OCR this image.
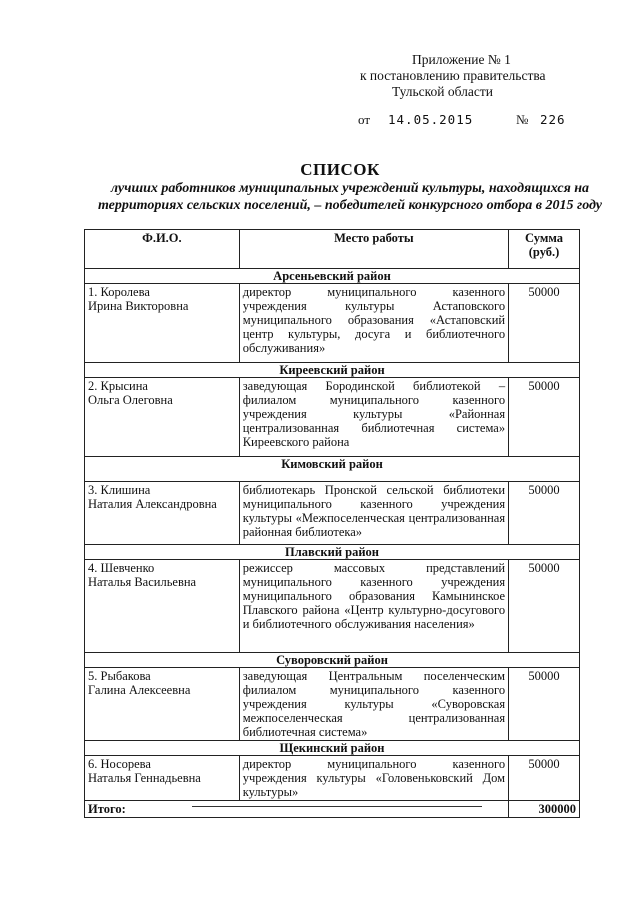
Приложение № 1
к постановлению правительства
Тульской области
от 14.05.2015	№ 226
СПИСОК
лучших работников муниципальных учреждений культуры, находящихся на территориях сельских поселений, – победителей конкурсного отбора в 2015 году
Ф.И.О.	Место работы	Сумма (руб.)
Арсеньевский район		
1. Королева
Ирина Викторовна	директор муниципального казенного учреждения культуры Астаповского муниципального образования «Астаповский центр культуры, досуга и библиотечного обслуживания»	50000
Киреевский район		
2. Крысина
Ольга Олеговна	заведующая Бородинской библиотекой – филиалом муниципального казенного учреждения культуры «Районная централизованная библиотечная система» Киреевского района	50000
Кимовский район		
3. Клишина
Наталия Александровна	библиотекарь Пронской сельской библиотеки муниципального казенного учреждения культуры «Межпоселенческая централизованная районная библиотека»	50000
Плавский район		
4. Шевченко
Наталья Васильевна	режиссер массовых представлений муниципального казенного учреждения муниципального образования Камынинское Плавского района «Центр культурно-досугового и библиотечного обслуживания населения»	50000
Суворовский район		
5. Рыбакова
Галина Алексеевна	заведующая Центральным поселенческим филиалом муниципального казенного учреждения культуры «Суворовская межпоселенческая централизованная библиотечная система»	50000
Щекинский район		
6. Носорева
Наталья Геннадьевна	директор муниципального казенного учреждения культуры «Головеньковский Дом культуры»	50000
Итого:		300000
